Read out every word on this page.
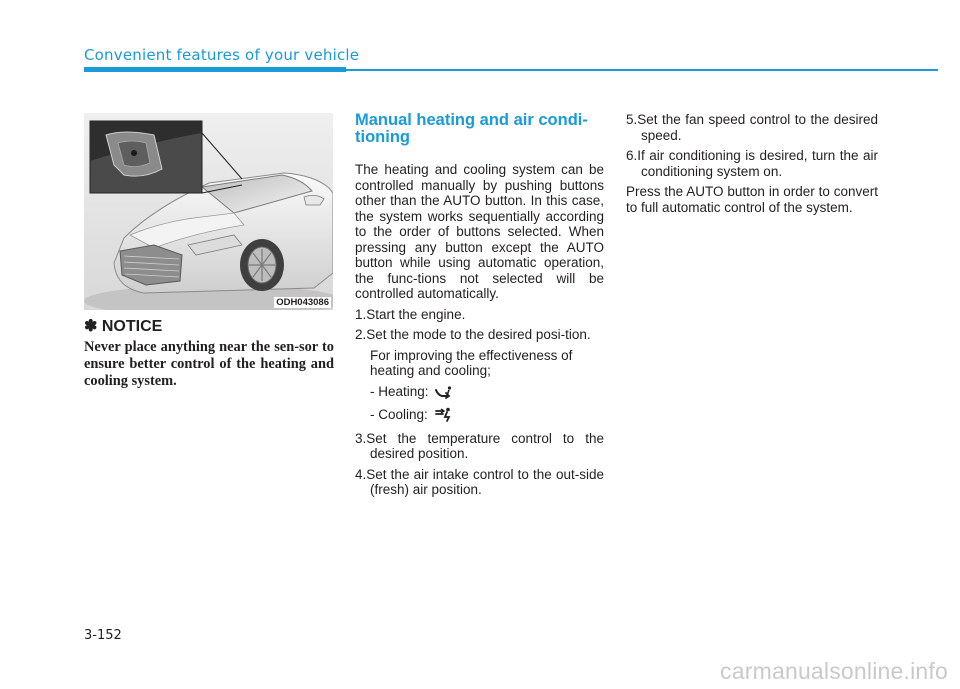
Convenient features of your vehicle
ODH043086
✽ NOTICE
Never place anything near the sen-sor to ensure better control of the heating and cooling system.
Manual heating and air condi-tioning
The heating and cooling system can be controlled manually by pushing buttons other than the AUTO button. In this case, the system works sequentially according to the order of buttons selected. When pressing any button except the AUTO button while using automatic operation, the func-tions not selected will be controlled automatically.
1.Start the engine.
2.Set the mode to the desired posi-tion.
For improving the effectiveness of heating and cooling;
- Heating:
- Cooling:
3.Set the temperature control to the desired position.
4.Set the air intake control to the out-side (fresh) air position.
5.Set the fan speed control to the desired speed.
6.If air conditioning is desired, turn the air conditioning system on.
Press the AUTO button in order to convert to full automatic control of the system.
3-152
carmanualsonline.info
